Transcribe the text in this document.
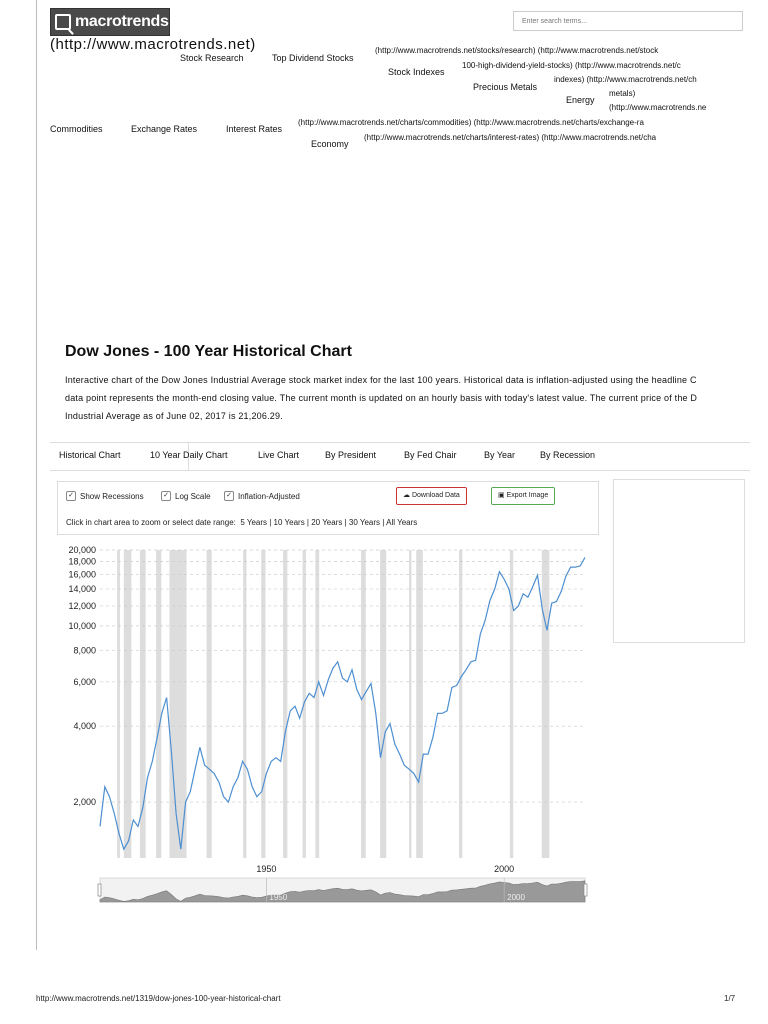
macrotrends
(http://www.macrotrends.net)
Enter search terms...
Stock Research	Top Dividend Stocks
Stock Indexes
Precious Metals
Energy
Commodities	Exchange Rates	Interest Rates
Economy
(http://www.macrotrends.net/stocks/research) (http://www.macrotrends.net/stock
100-high-dividend-yield-stocks) (http://www.macrotrends.net/c
indexes) (http://www.macrotrends.net/ch
metals)
(http://www.macrotrends.ne
(http://www.macrotrends.net/charts/commodities) (http://www.macrotrends.net/charts/exchange-ra
(http://www.macrotrends.net/charts/interest-rates) (http://www.macrotrends.net/cha
Dow Jones - 100 Year Historical Chart
Interactive chart of the Dow Jones Industrial Average stock market index for the last 100 years. Historical data is inflation-adjusted using the headline C
data point represents the month-end closing value. The current month is updated on an hourly basis with today's latest value. The current price of the D
Industrial Average as of June 02, 2017 is 21,206.29.
Historical Chart	10 Year Daily Chart	Live Chart	By President	By Fed Chair	By Year	By Recession
✓ Show Recessions	✓ Log Scale ✓ Inflation-Adjusted	☁ Download Data	▣ Export Image
Click in chart area to zoom or select date range: 5 Years | 10 Years | 20 Years | 30 Years | All Years
20,000
18,000
16,000
14,000
12,000
10,000
8,000
6,000
4,000
2,000
1950	2000
1950	2000
http://www.macrotrends.net/1319/dow-jones-100-year-historical-chart	1/7
